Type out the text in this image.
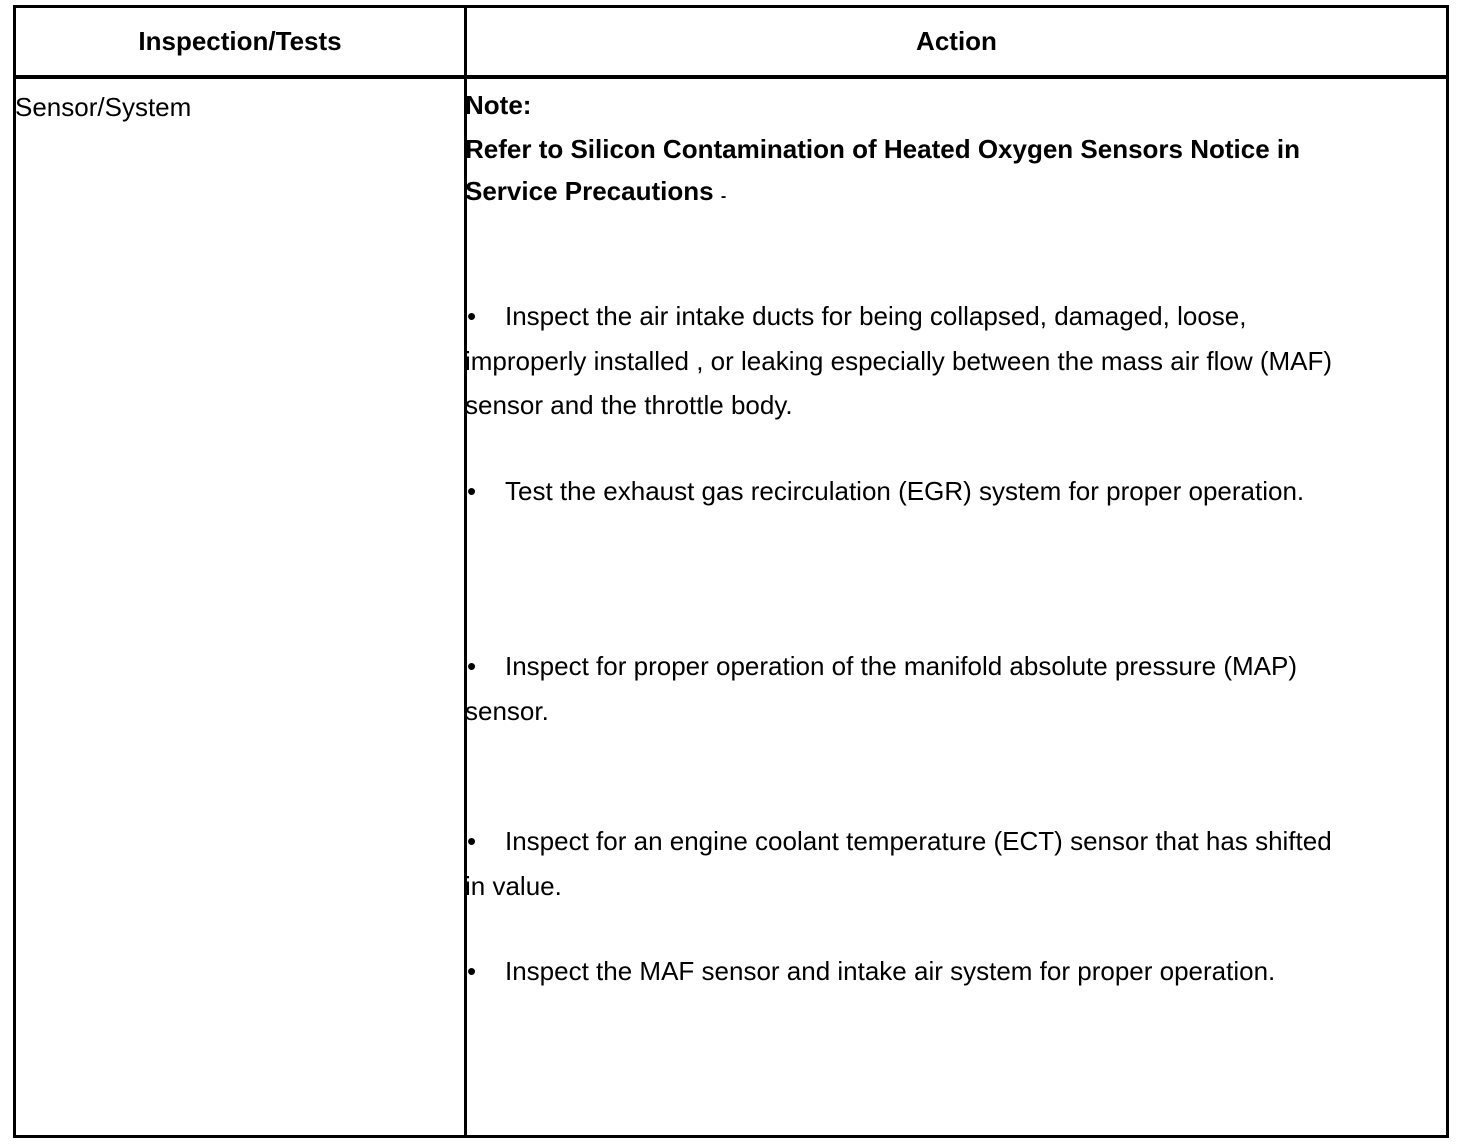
Inspection/Tests	Action
Sensor/System	Note:
Refer to Silicon Contamination of Heated Oxygen Sensors Notice in Service Precautions -
• Inspect the air intake ducts for being collapsed, damaged, loose, improperly installed , or leaking especially between the mass air flow (MAF) sensor and the throttle body.
• Test the exhaust gas recirculation (EGR) system for proper operation.
• Inspect for proper operation of the manifold absolute pressure (MAP) sensor.
• Inspect for an engine coolant temperature (ECT) sensor that has shifted in value.
• Inspect the MAF sensor and intake air system for proper operation.
